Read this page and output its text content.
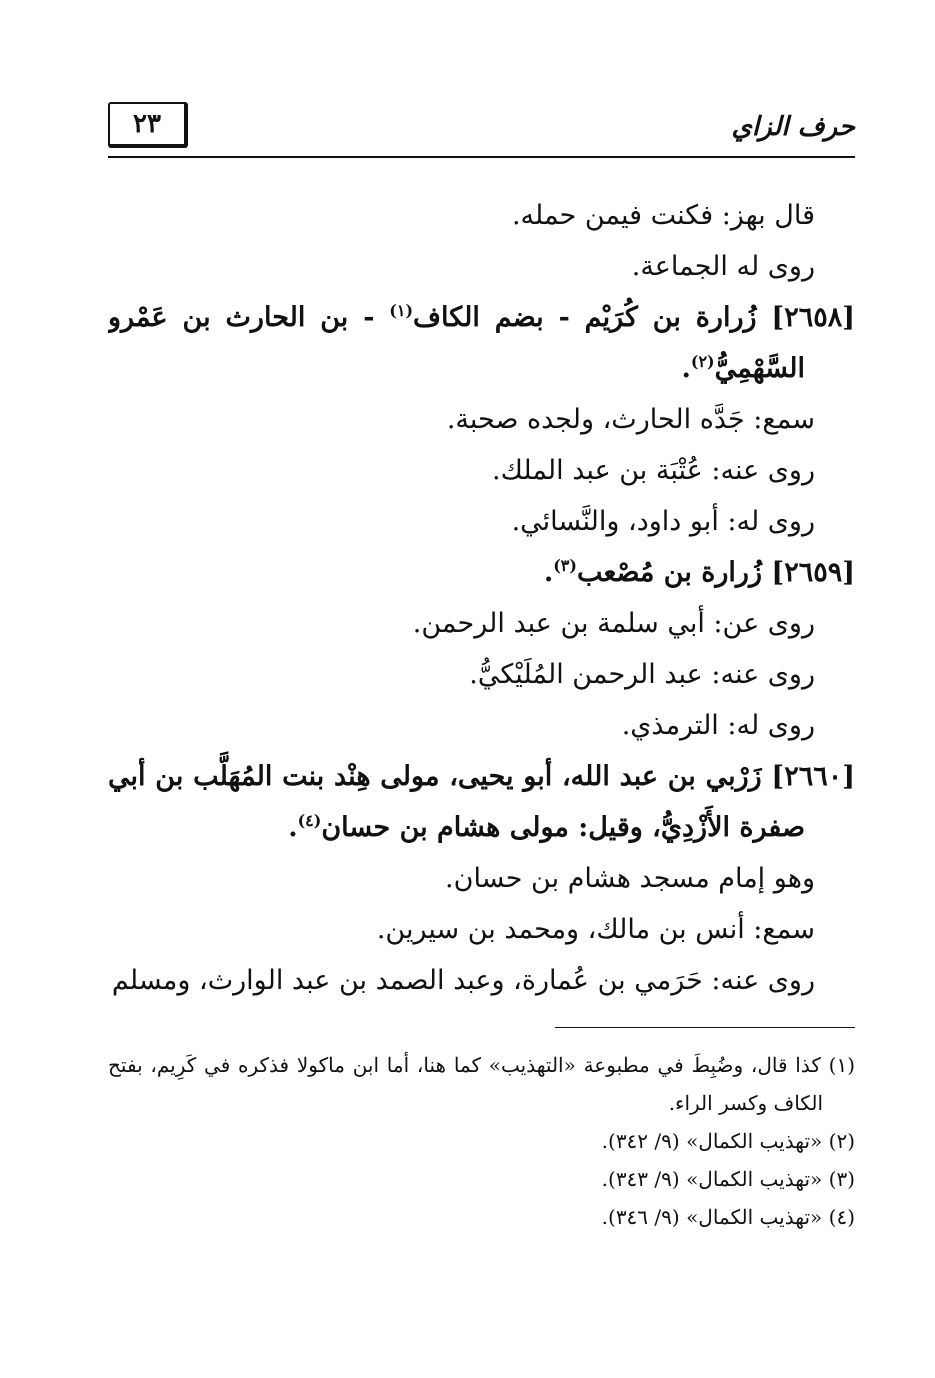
٢٣	حرف الزاي
قال بهز: فكنت فيمن حمله.
روى له الجماعة.
[٢٦٥٨] زُرارة بن كُرَيْم - بضم الكاف$^{(١)}$ - بن الحارث بن عَمْرو
السَّهْمِيُّ$^{(٢)}$.
سمع: جَدَّه الحارث، ولجده صحبة.
روى عنه: عُتْبَة بن عبد الملك.
روى له: أبو داود، والنَّسائي.
[٢٦٥٩] زُرارة بن مُصْعب$^{(٣)}$.
روى عن: أبي سلمة بن عبد الرحمن.
روى عنه: عبد الرحمن المُلَيْكيُّ.
روى له: الترمذي.
[٢٦٦٠] زَرْبي بن عبد الله، أبو يحيى، مولى هِنْد بنت المُهَلَّب بن أبي
صفرة الأَزْدِيُّ، وقيل: مولى هشام بن حسان$^{(٤)}$.
وهو إمام مسجد هشام بن حسان.
سمع: أنس بن مالك، ومحمد بن سيرين.
روى عنه: حَرَمي بن عُمارة، وعبد الصمد بن عبد الوارث، ومسلم
(١) كذا قال، وضُبِطَ في مطبوعة «التهذيب» كما هنا، أما ابن ماكولا فذكره في كَرِيم، بفتح
الكاف وكسر الراء.
(٢) «تهذيب الكمال» (٩/ ٣٤٢).
(٣) «تهذيب الكمال» (٩/ ٣٤٣).
(٤) «تهذيب الكمال» (٩/ ٣٤٦).
